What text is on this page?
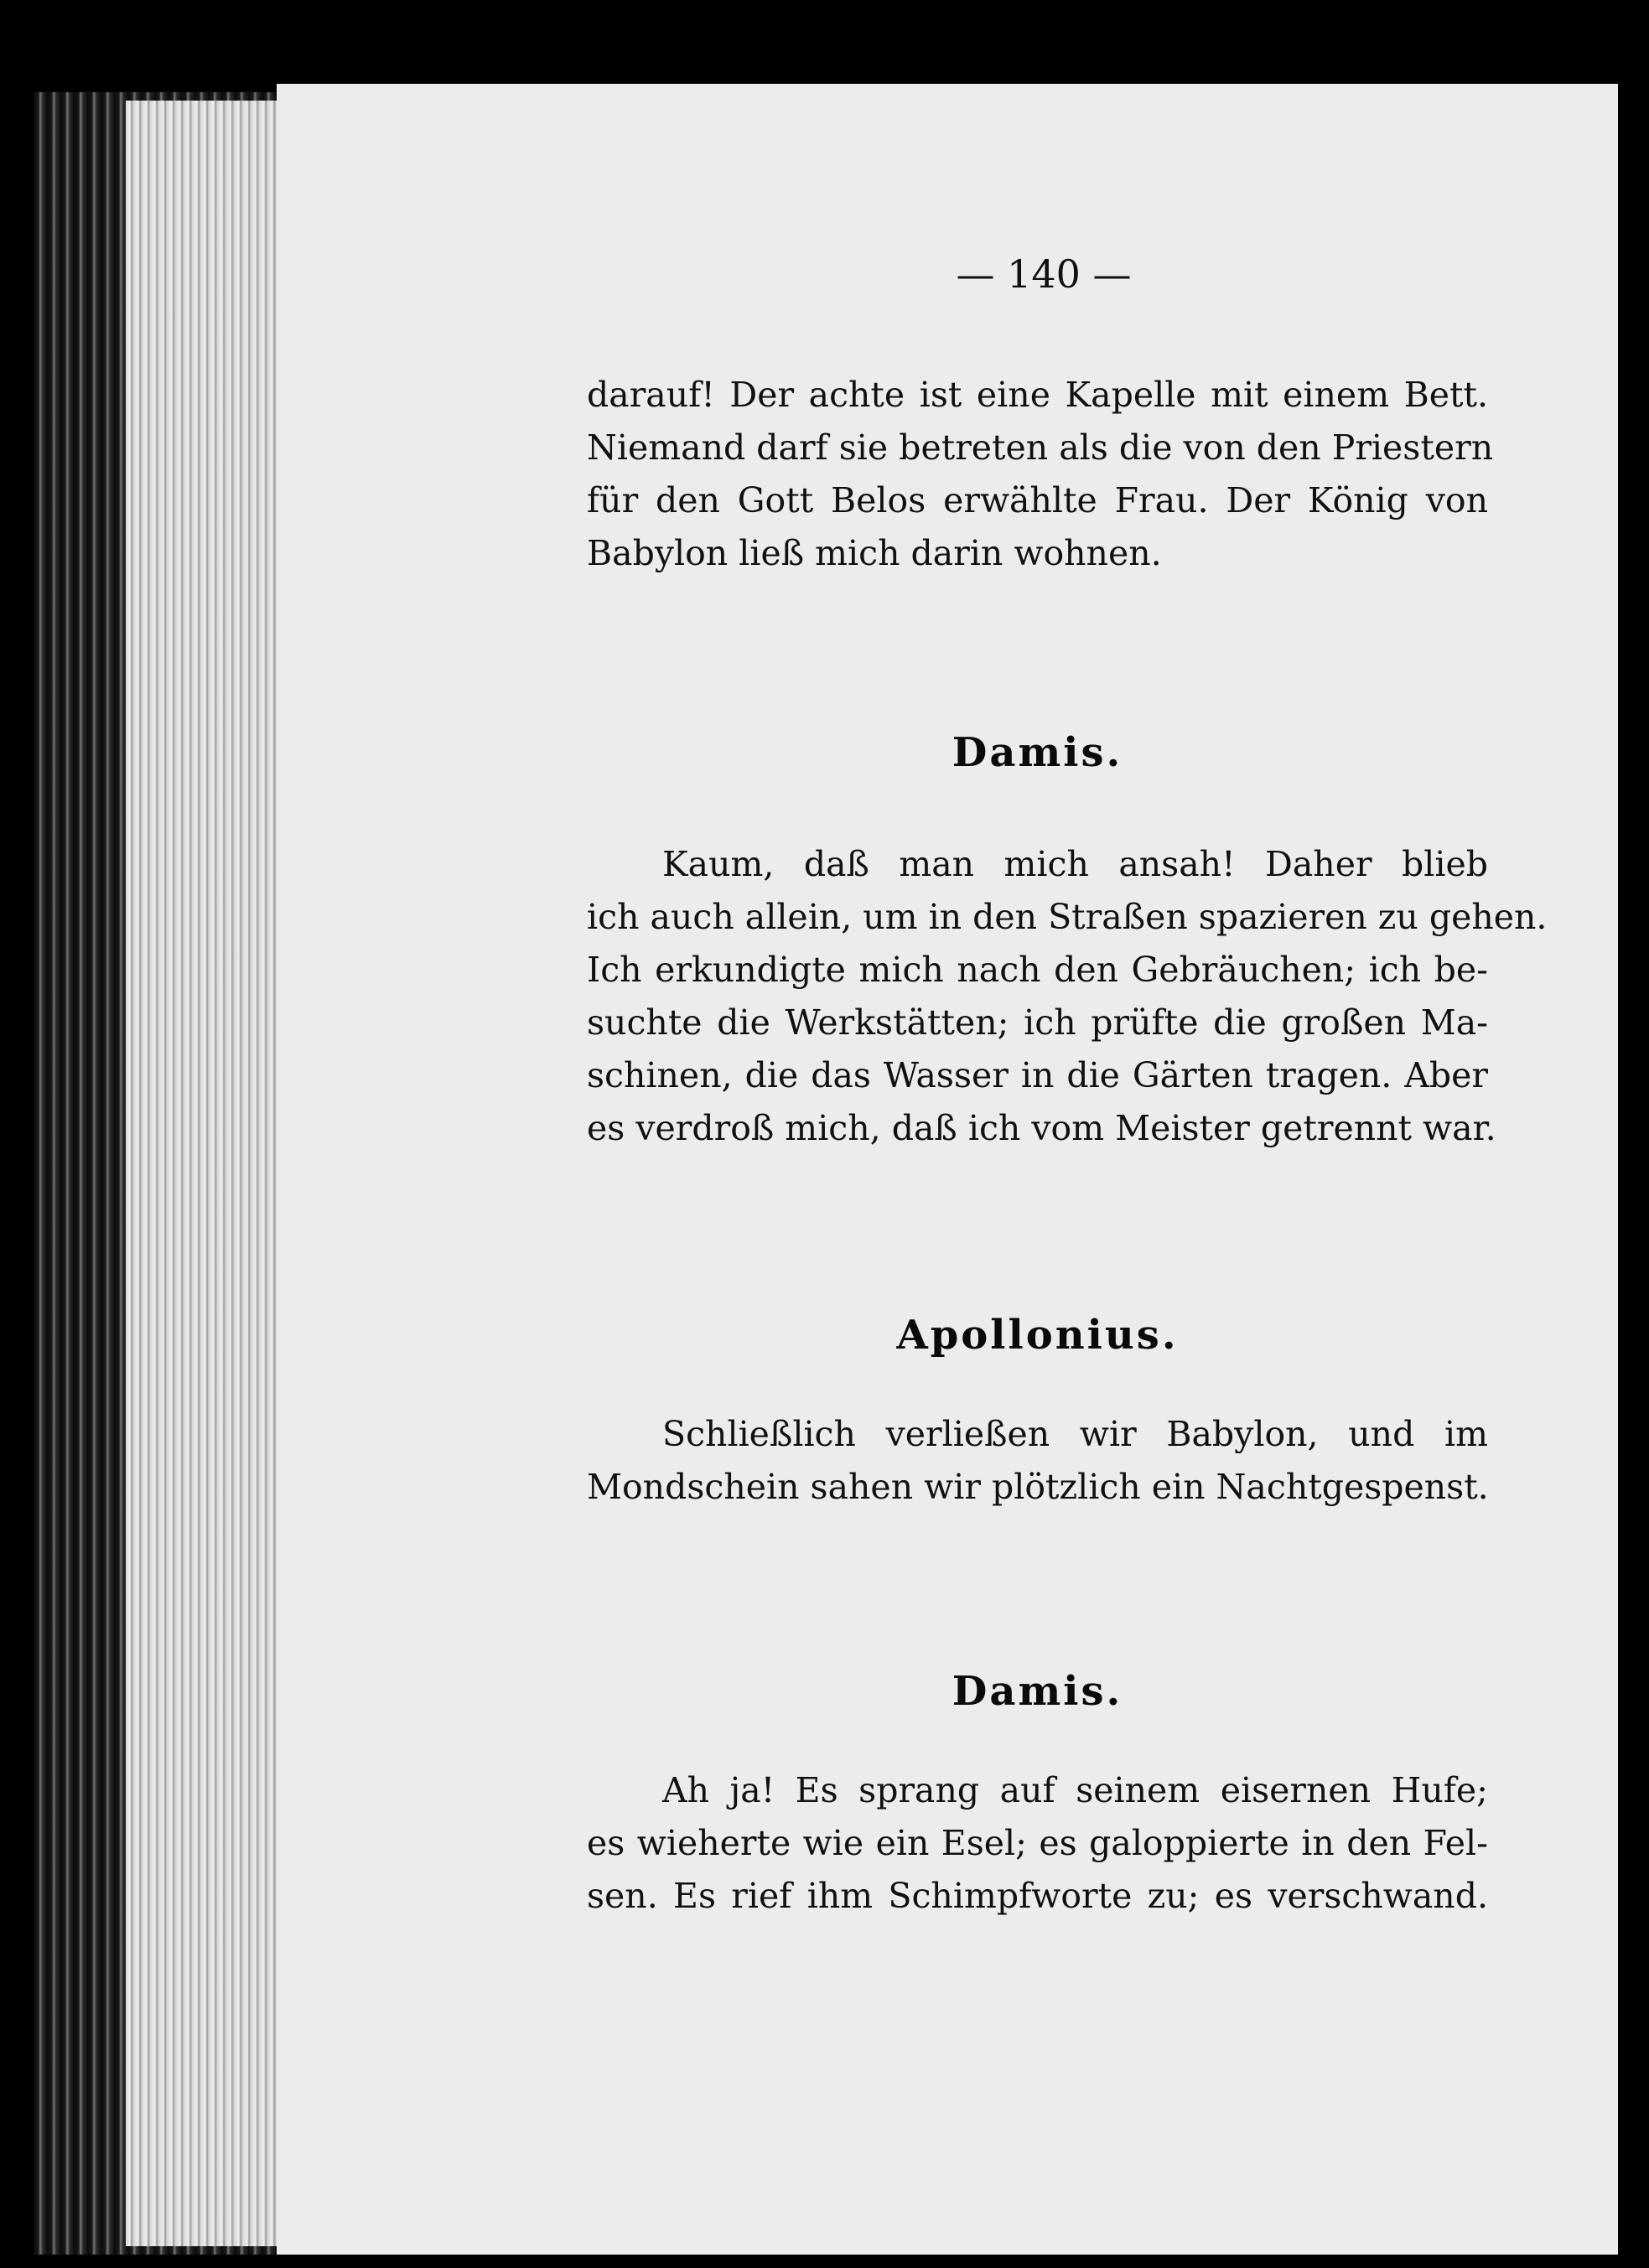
— 140 —
darauf! Der achte ist eine Kapelle mit einem Bett.
Niemand darf sie betreten als die von den Priestern
für den Gott Belos erwählte Frau. Der König von
Babylon ließ mich darin wohnen.
Damis.
Kaum, daß man mich ansah! Daher blieb
ich auch allein, um in den Straßen spazieren zu gehen.
Ich erkundigte mich nach den Gebräuchen; ich be-
suchte die Werkstätten; ich prüfte die großen Ma-
schinen, die das Wasser in die Gärten tragen. Aber
es verdroß mich, daß ich vom Meister getrennt war.
Apollonius.
Schließlich verließen wir Babylon, und im
Mondschein sahen wir plötzlich ein Nachtgespenst.
Damis.
Ah ja! Es sprang auf seinem eisernen Hufe;
es wieherte wie ein Esel; es galoppierte in den Fel-
sen. Es rief ihm Schimpfworte zu; es verschwand.
